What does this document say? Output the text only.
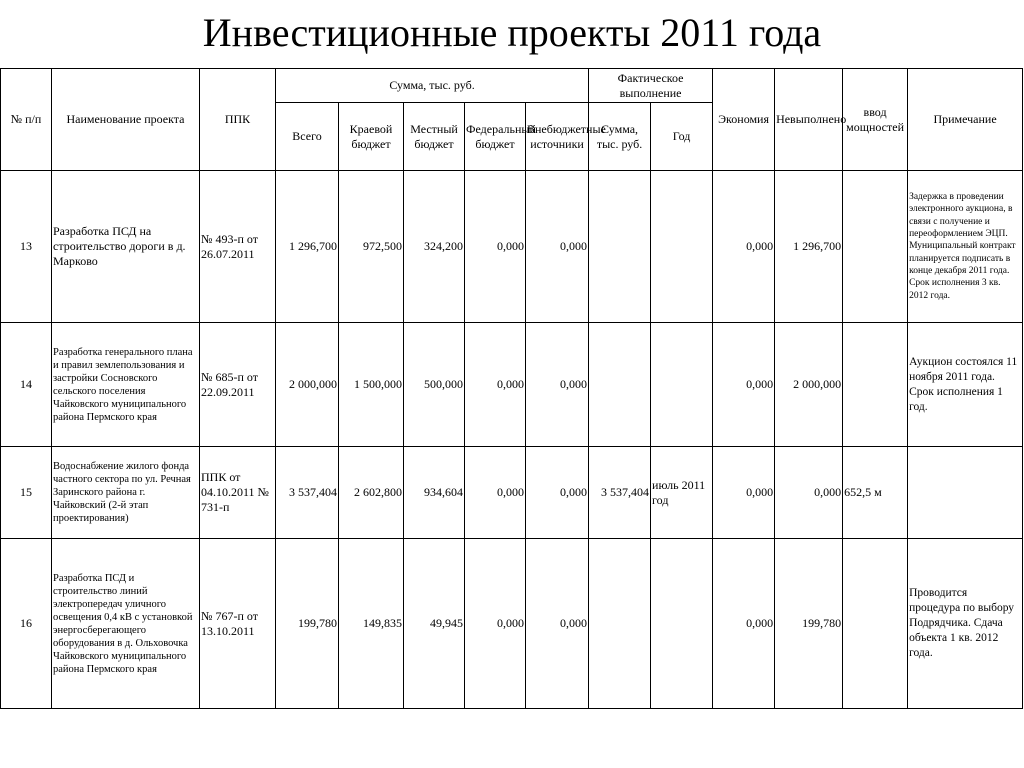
Инвестиционные проекты 2011 года
№ п/п	Наименование проекта	ППК	Сумма, тыс. руб.					Фактическое выполнение		Экономия	Невыполнено	ввод мощностей	Примечание
			Всего	Краевой бюджет	Местный бюджет	Федеральный бюджет	Внебюджетные источники	Сумма, тыс. руб.	Год				
13	Разработка ПСД на строительство дороги в д. Марково	№ 493-п от 26.07.2011	1 296,700	972,500	324,200	0,000	0,000			0,000	1 296,700		Задержка в проведении электронного аукциона, в связи с получение и переоформлением ЭЦП. Муниципальный контракт планируется подписать в конце декабря 2011 года. Срок исполнения 3 кв. 2012 года.
14	Разработка генерального плана и правил землепользования и застройки Сосновского сельского поселения Чайковского муниципального района Пермского края	№ 685-п от 22.09.2011	2 000,000	1 500,000	500,000	0,000	0,000			0,000	2 000,000		Аукцион состоялся 11 ноября 2011 года. Срок исполнения 1 год.
15	Водоснабжение жилого фонда частного сектора по ул. Речная Заринского района г. Чайковский (2-й этап проектирования)	ППК от 04.10.2011 № 731-п	3 537,404	2 602,800	934,604	0,000	0,000	3 537,404	июль 2011 год	0,000	0,000	652,5 м	
16	Разработка ПСД и строительство линий электропередач уличного освещения 0,4 кВ с установкой энергосберегающего оборудования в д. Ольховочка Чайковского муниципального района Пермского края	№ 767-п от 13.10.2011	199,780	149,835	49,945	0,000	0,000			0,000	199,780		Проводится процедура по выбору Подрядчика. Сдача объекта 1 кв. 2012 года.
